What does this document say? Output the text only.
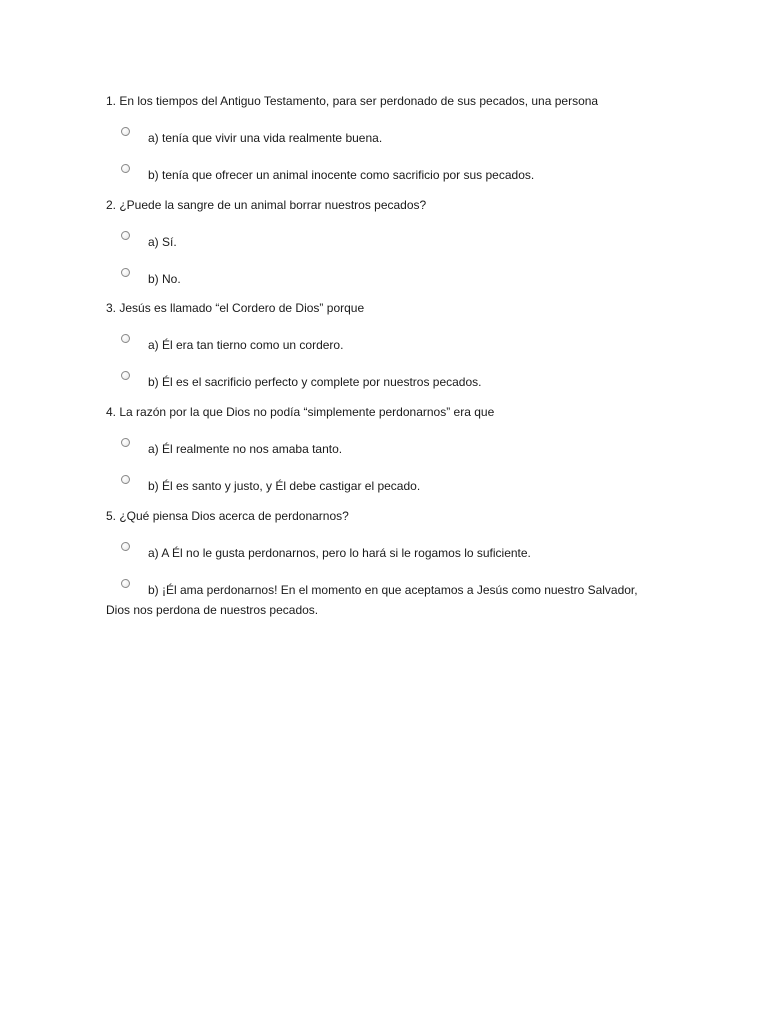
1. En los tiempos del Antiguo Testamento, para ser perdonado de sus pecados, una persona
a) tenía que vivir una vida realmente buena.
b) tenía que ofrecer un animal inocente como sacrificio por sus pecados.
2. ¿Puede la sangre de un animal borrar nuestros pecados?
a) Sí.
b) No.
3. Jesús es llamado “el Cordero de Dios” porque
a) Él era tan tierno como un cordero.
b) Él es el sacrificio perfecto y complete por nuestros pecados.
4. La razón por la que Dios no podía “simplemente perdonarnos” era que
a) Él realmente no nos amaba tanto.
b) Él es santo y justo, y Él debe castigar el pecado.
5. ¿Qué piensa Dios acerca de perdonarnos?
a) A Él no le gusta perdonarnos, pero lo hará si le rogamos lo suficiente.
b) ¡Él ama perdonarnos! En el momento en que aceptamos a Jesús como nuestro Salvador,
Dios nos perdona de nuestros pecados.
